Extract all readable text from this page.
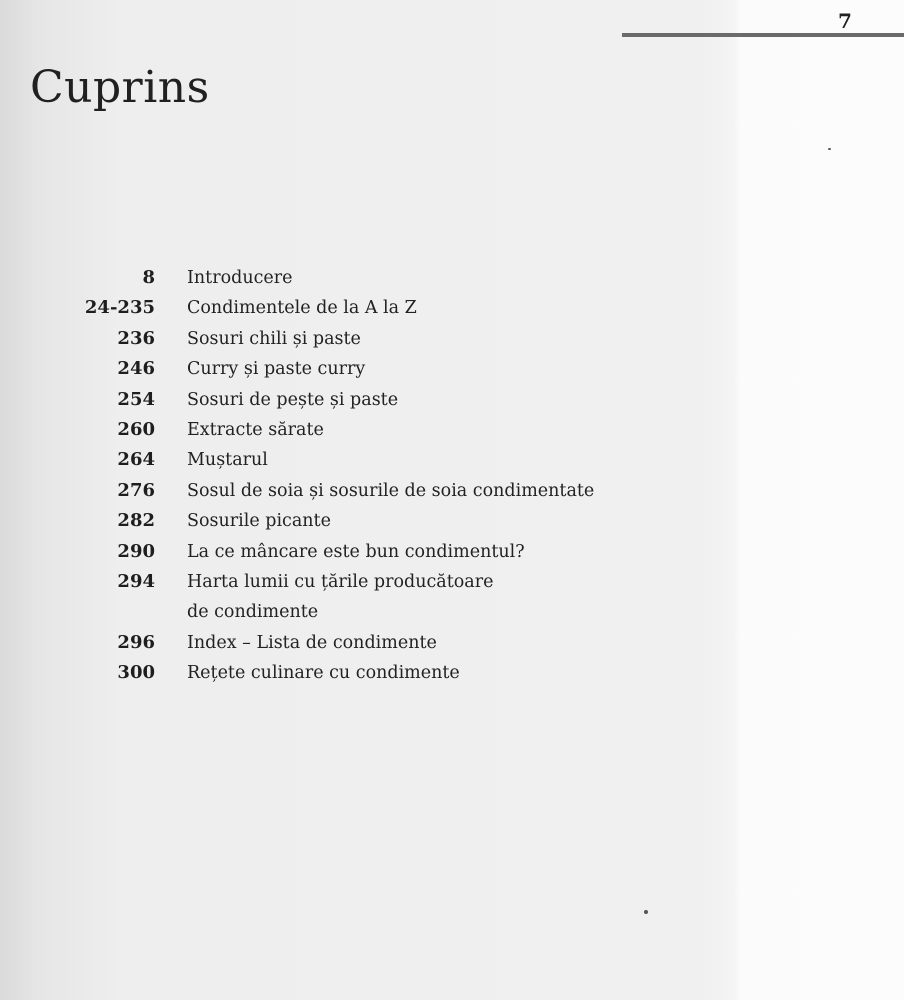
7
Cuprins
8 Introducere
24-235 Condimentele de la A la Z
236 Sosuri chili și paste
246 Curry și paste curry
254 Sosuri de pește și paste
260 Extracte sărate
264 Muștarul
276 Sosul de soia și sosurile de soia condimentate
282 Sosurile picante
290 La ce mâncare este bun condimentul?
294 Harta lumii cu țările producătoare
de condimente
296 Index – Lista de condimente
300 Rețete culinare cu condimente
